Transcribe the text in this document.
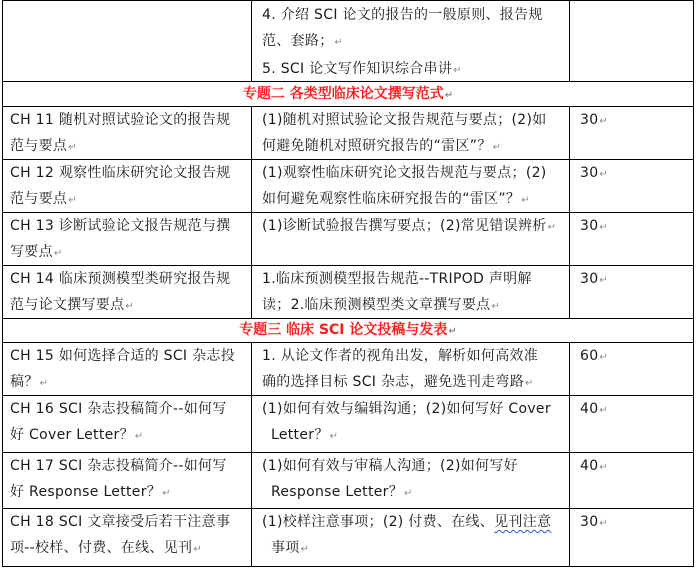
4. 介绍 SCI 论文的报告的一般原则、报告规
范、套路；↵
5. SCI 论文写作知识综合串讲↵
专题二 各类型临床论文撰写范式↵
专题三 临床 SCI 论文投稿与发表↵
CH 11 随机对照试验论文的报告规
范与要点↵
(1)随机对照试验论文报告规范与要点；(2)如
何避免随机对照研究报告的“雷区”？↵
30↵
CH 12 观察性临床研究论文报告规
范与要点↵
(1)观察性临床研究论文报告规范与要点；(2)
如何避免观察性临床研究报告的“雷区”？↵
30↵
CH 13 诊断试验论文报告规范与撰
写要点↵
(1)诊断试验报告撰写要点；(2)常见错误辨析↵ 30↵
CH 14 临床预测模型类研究报告规
范与论文撰写要点↵
1.临床预测模型报告规范--TRIPOD 声明解
读；2.临床预测模型类文章撰写要点↵
30↵
CH 15 如何选择合适的 SCI 杂志投
稿？↵
1. 从论文作者的视角出发，解析如何高效准
确的选择目标 SCI 杂志，避免选刊走弯路↵
60↵
CH 16 SCI 杂志投稿简介--如何写
好 Cover Letter？↵
(1)如何有效与编辑沟通；(2)如何写好 Cover
Letter？↵
40↵
CH 17 SCI 杂志投稿简介--如何写
好 Response Letter？↵
(1)如何有效与审稿人沟通；(2)如何写好
Response Letter？↵
40↵
CH 18 SCI 文章接受后若干注意事
项--校样、付费、在线、见刊↵
(1)校样注意事项；(2) 付费、在线、见刊注意
事项↵
30↵
